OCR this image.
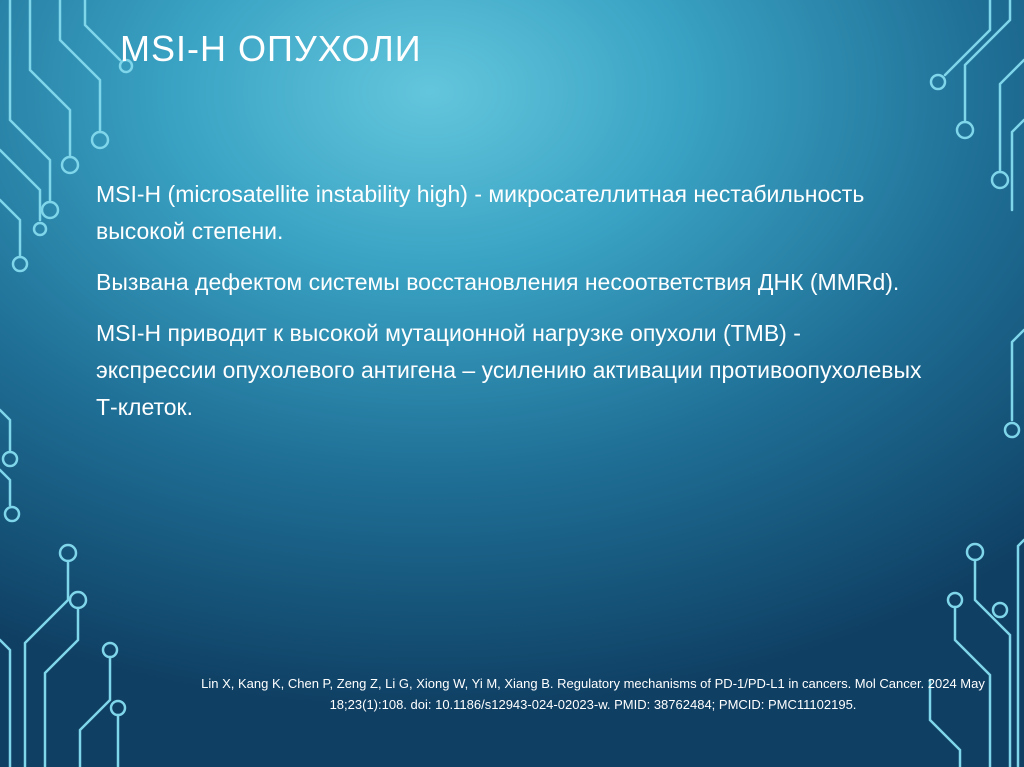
MSI-H ОПУХОЛИ

MSI-H (microsatellite instability high) - микросателлитная нестабильность высокой степени.

Вызвана дефектом системы восстановления несоответствия ДНК (MMRd).

MSI-H приводит к высокой мутационной нагрузке опухоли (TMB) - экспрессии опухолевого антигена – усилению активации противоопухолевых Т-клеток.

Lin X, Kang K, Chen P, Zeng Z, Li G, Xiong W, Yi M, Xiang B. Regulatory mechanisms of PD-1/PD-L1 in cancers. Mol Cancer. 2024 May 18;23(1):108. doi: 10.1186/s12943-024-02023-w. PMID: 38762484; PMCID: PMC11102195.
